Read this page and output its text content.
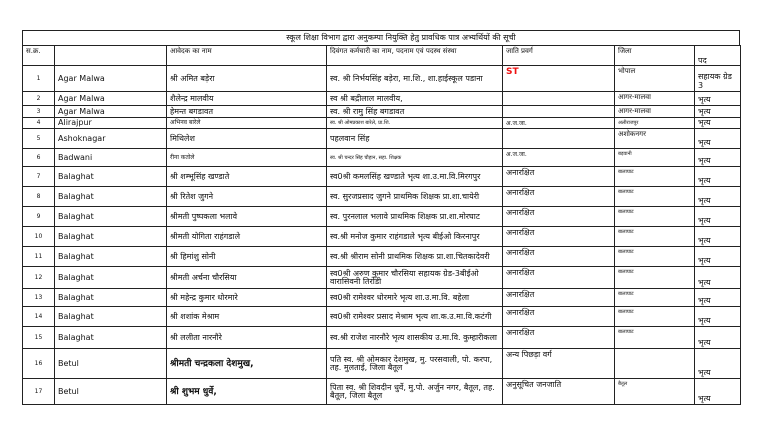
स्कूल शिक्षा विभाग द्वारा अनुकम्पा नियुक्ति हेतु प्रावधिक पात्र अभ्यर्थियों की सूची
स.क्र.		आवेदक का नाम	दिवंगत कर्मचारी का नाम, पदनाम एवं पदस्थ संस्था	जाति प्रवर्ग	जिला	पद
1	Agar Malwa	श्री अमित बड़ेरा	स्व. श्री निर्भयसिंह बड़ेरा, मा.शि., शा.हाईस्कूल पडाना	ST	भोपाल	सहायक ग्रेड 3
2	Agar Malwa	शैलेन्द्र मालवीय	स्व श्री बद्रीलाल मालवीय,		आगर-मालवा	भृत्य
3	Agar Malwa	हेमन्त बगडावत	स्व. श्री रामु सिंह बगडावत		आगर-मालवा	भृत्य
4	Alirajpur	अभिनव बारेले	स्व. श्री ओमप्रकाश बारेले, प्रा.शि.	अ.ज.जा.	अलीराजपुर	भृत्य
5	Ashoknagar	मिथिलेश	पहलवान सिंह		अशोकनगर	भृत्य
6	Badwani	रीना कतोले	स्व. श्री चन्दर सिंह चौहान, सहा. शिक्षक	अ.ज.जा.	बड़वानी	भृत्य
7	Balaghat	श्री शम्भूसिंह खण्डाते	स्व0श्री कमलसिंह खण्डाते भृत्य शा.उ.मा.वि.मिरगपुर	अनारक्षित	बालाघाट	भृत्य
8	Balaghat	श्री रितेश जुगने	स्व. सुरजप्रसाद जुगने प्राथमिक शिक्षक प्रा.शा.चायेरी	अनारक्षित	बालाघाट	भृत्य
9	Balaghat	श्रीमती पुष्पकला भलावे	स्व. पुरनलाल भलावे प्राथमिक शिक्षक प्रा.शा.मोरघाट	अनारक्षित	बालाघाट	भृत्य
10	Balaghat	श्रीमती योगिता राहंगडाले	स्व.श्री मनोज कुमार राहंगडाले भृत्य बीईओ किरनापुर	अनारक्षित	बालाघाट	भृत्य
11	Balaghat	श्री हिमांशु सोनी	स्व.श्री श्रीराम सोनी प्राथमिक शिक्षक प्रा.शा.चितकादेवरी	अनारक्षित	बालाघाट	भृत्य
12	Balaghat	श्रीमती अर्चना चौरसिया	स्व0श्री अरुण कुमार चौरसिया सहायक ग्रेड-3बीईओ वारासिवनी तिरोडी	अनारक्षित	बालाघाट	भृत्य
13	Balaghat	श्री महेन्द्र कुमार धोरमारे	स्व0श्री रामेश्वर धोरमारे भृत्य शा.उ.मा.वि. बहेला	अनारक्षित	बालाघाट	भृत्य
14	Balaghat	श्री शशांक मेश्राम	स्व0श्री रामेश्वर प्रसाद मेश्राम भृत्य शा.क.उ.मा.वि.कटंगी	अनारक्षित	बालाघाट	भृत्य
15	Balaghat	श्री ललीता नारनौरे	स्व.श्री राजेश नारनौरे भृत्य शासकीय उ.मा.वि. कुम्हारीकला	अनारक्षित	बालाघाट	भृत्य
16	Betul	श्रीमती चन्द्रकला देशमुख,	पति स्व. श्री ओमकार देशमुख, मु. परसवाली, पो. करपा, तह. मुलताई, जिला बैतूल	अन्य पिछड़ा वर्ग		भृत्य
17	Betul	श्री शुभम धुर्वे,	पिता स्व. श्री शिवदीन धुर्वे, मु.पो. अर्जुन नगर, बैतूल, तह. बैतूल, जिला बैतूल	अनुसूचित जनजाति	बैतूल	भृत्य
